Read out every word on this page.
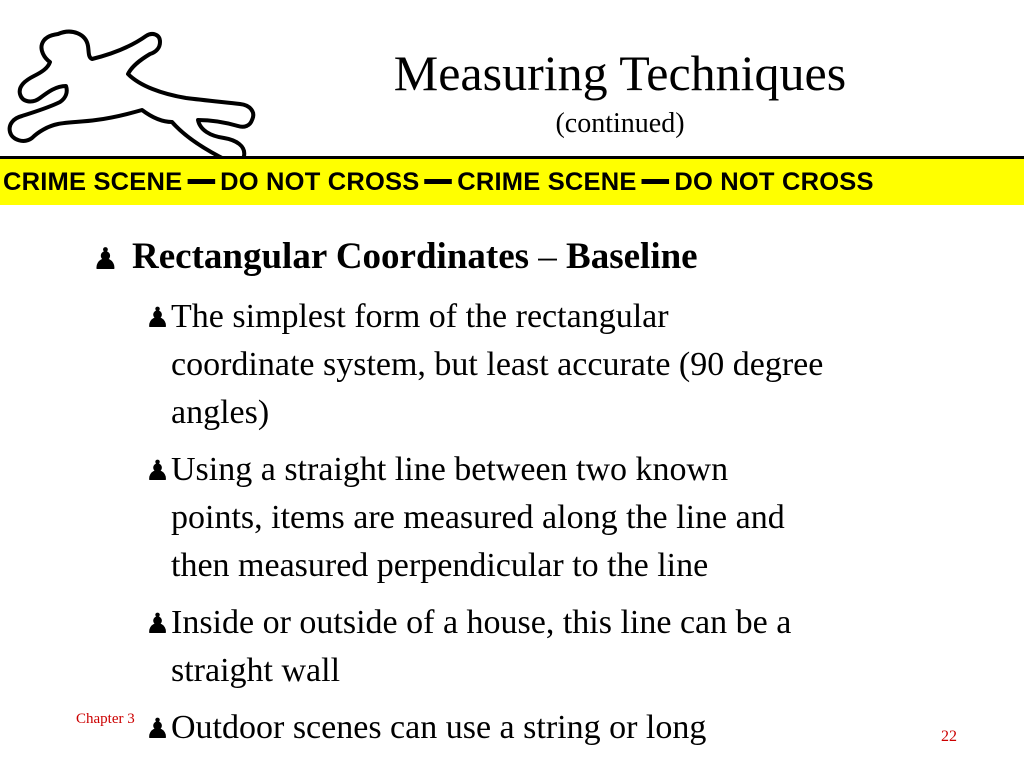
Measuring Techniques
(continued)
CRIME SCENE DO NOT CROSS CRIME SCENE DO NOT CROSS
♟ Rectangular Coordinates – Baseline
♟ The simplest form of the rectangular
coordinate system, but least accurate (90 degree
angles)
♟ Using a straight line between two known
points, items are measured along the line and
then measured perpendicular to the line
♟ Inside or outside of a house, this line can be a
straight wall
♟ Outdoor scenes can use a string or long
Chapter 3
22
